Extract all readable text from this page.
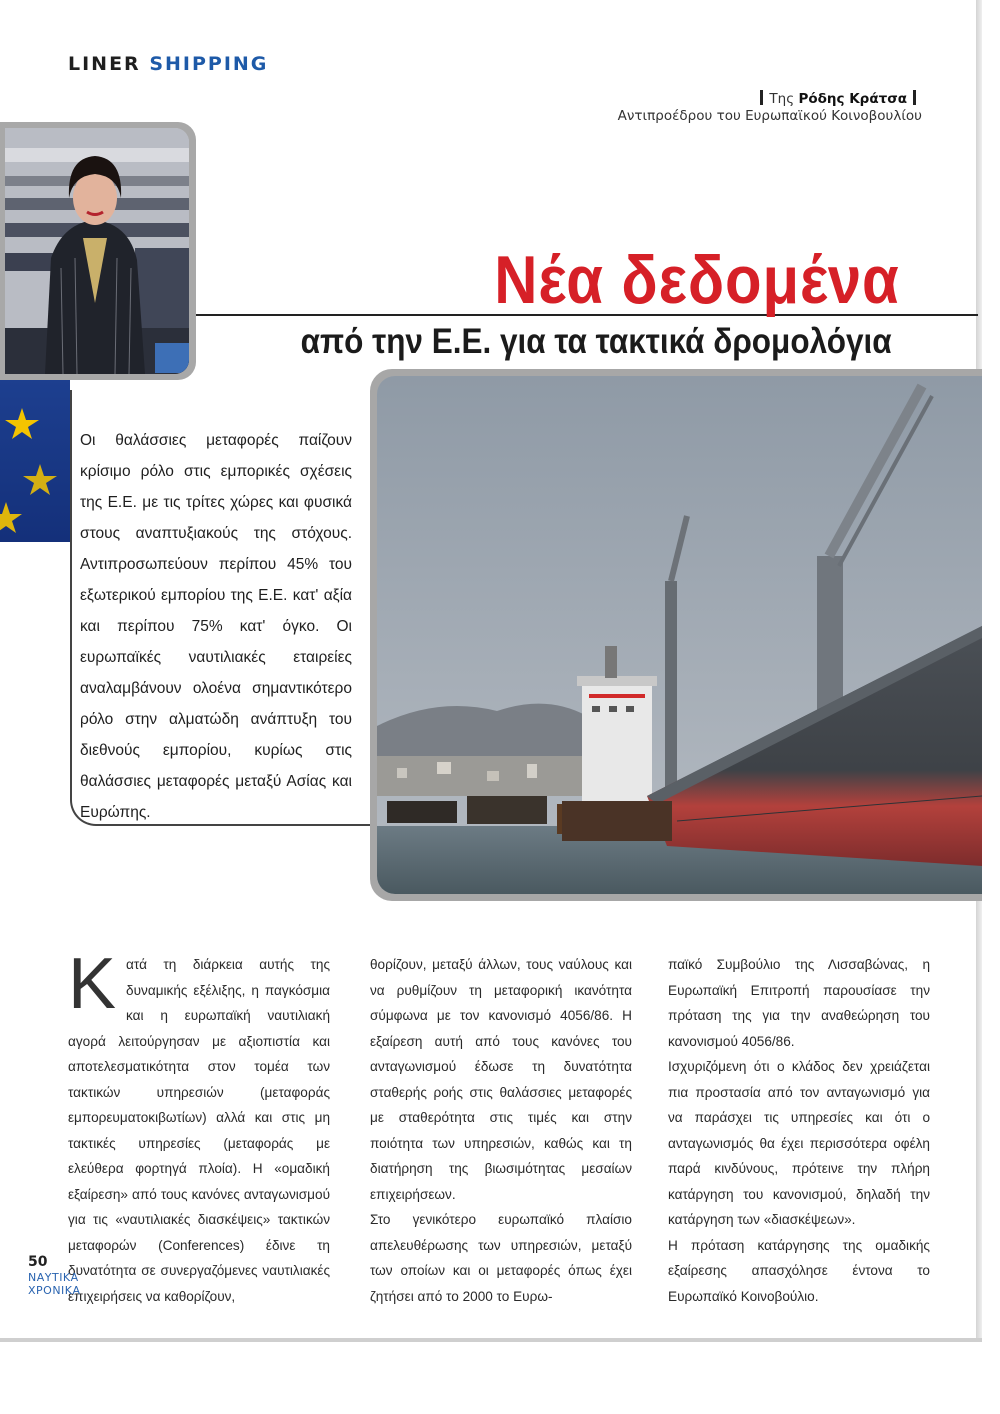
LINER SHIPPING
Της Ρόδης Κράτσα
Αντιπροέδρου του Ευρωπαϊκού Κοινοβουλίου
Νέα δεδομένα
από την Ε.Ε. για τα τακτικά δρομολόγια
Οι θαλάσσιες μεταφορές παίζουν κρίσιμο ρόλο στις εμπορικές σχέσεις της Ε.Ε. με τις τρίτες χώρες και φυσικά στους αναπτυξιακούς της στόχους. Αντιπροσωπεύουν περίπου 45% του εξωτερικού εμπορίου της Ε.Ε. κατ' αξία και περίπου 75% κατ' όγκο. Οι ευρωπαϊκές ναυτιλιακές εταιρείες αναλαμβάνουν ολοένα σημαντικότερο ρόλο στην αλματώδη ανάπτυξη του διεθνούς εμπορίου, κυρίως στις θαλάσσιες μεταφορές μεταξύ Ασίας και Ευρώπης.
Κ ατά τη διάρκεια αυτής της δυναμικής εξέλιξης, η παγκόσμια και η ευρωπαϊκή ναυτιλιακή αγορά λειτούργησαν με αξιοπιστία και αποτελεσματικότητα στον τομέα των τακτικών υπηρεσιών (μεταφοράς εμπορευματοκιβωτίων) αλλά και στις μη τακτικές υπηρεσίες (μεταφοράς με ελεύθερα φορτηγά πλοία). Η «ομαδική εξαίρεση» από τους κανόνες ανταγωνισμού για τις «ναυτιλιακές διασκέψεις» τακτικών μεταφορών (Conferences) έδινε τη δυνατότητα σε συνεργαζόμενες ναυτιλιακές επιχειρήσεις να καθορίζουν,

θορίζουν, μεταξύ άλλων, τους ναύλους και να ρυθμίζουν τη μεταφορική ικανότητα σύμφωνα με τον κανονισμό 4056/86. Η εξαίρεση αυτή από τους κανόνες του ανταγωνισμού έδωσε τη δυνατότητα σταθερής ροής στις θαλάσσιες μεταφορές με σταθερότητα στις τιμές και στην ποιότητα των υπηρεσιών, καθώς και τη διατήρηση της βιωσιμότητας μεσαίων επιχειρήσεων.

Στο γενικότερο ευρωπαϊκό πλαίσιο απελευθέρωσης των υπηρεσιών, μεταξύ των οποίων και οι μεταφορές όπως έχει ζητήσει από το 2000 το Ευρω-

παϊκό Συμβούλιο της Λισσαβώνας, η Ευρωπαϊκή Επιτροπή παρουσίασε την πρόταση της για την αναθεώρηση του κανονισμού 4056/86.

Ισχυριζόμενη ότι ο κλάδος δεν χρειάζεται πια προστασία από τον ανταγωνισμό για να παράσχει τις υπηρεσίες και ότι ο ανταγωνισμός θα έχει περισσότερα οφέλη παρά κινδύνους, πρότεινε την πλήρη κατάργηση του κανονισμού, δηλαδή την κατάργηση των «διασκέψεων».

Η πρόταση κατάργησης της ομαδικής εξαίρεσης απασχόλησε έντονα το Ευρωπαϊκό Κοινοβούλιο.

50
ΝΑΥΤΙΚΑ
ΧΡΟΝΙΚΑ
